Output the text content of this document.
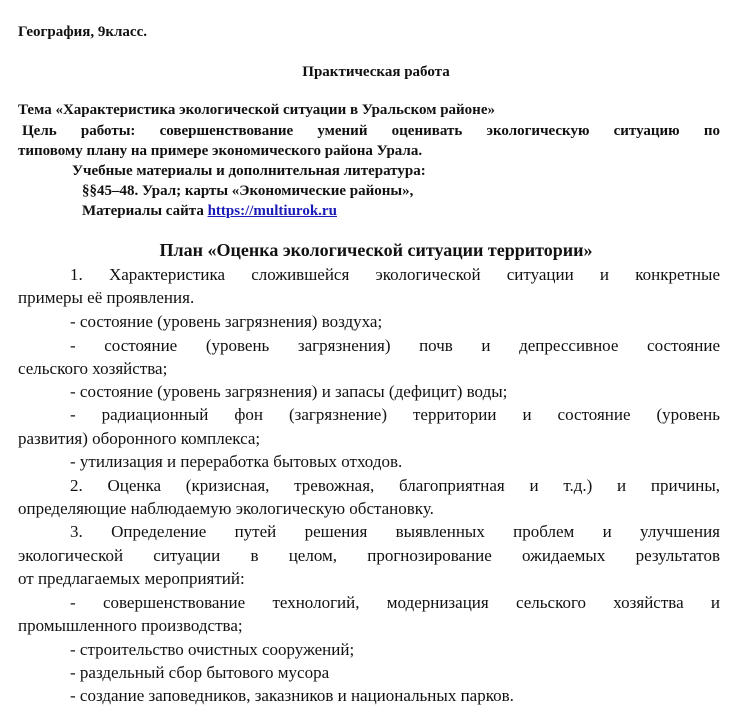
География, 9класс.
Практическая работа
Тема «Характеристика экологической ситуации в Уральском районе»
Цель работы: совершенствование умений оценивать экологическую ситуацию по
типовому плану на примере экономического района Урала.
Учебные материалы и дополнительная литература:
§§45–48. Урал; карты «Экономические районы»,
Материалы сайта https://multiurok.ru
План «Оценка экологической ситуации территории»
1. Характеристика сложившейся экологической ситуации и конкретные
примеры её проявления.
- состояние (уровень загрязнения) воздуха;
- состояние (уровень загрязнения) почв и депрессивное состояние
сельского хозяйства;
- состояние (уровень загрязнения) и запасы (дефицит) воды;
- радиационный фон (загрязнение) территории и состояние (уровень
развития) оборонного комплекса;
- утилизация и переработка бытовых отходов.
2. Оценка (кризисная, тревожная, благоприятная и т.д.) и причины,
определяющие наблюдаемую экологическую обстановку.
3. Определение путей решения выявленных проблем и улучшения
экологической ситуации в целом, прогнозирование ожидаемых результатов
от предлагаемых мероприятий:
- совершенствование технологий, модернизация сельского хозяйства и
промышленного производства;
- строительство очистных сооружений;
- раздельный сбор бытового мусора
- создание заповедников, заказников и национальных парков.
